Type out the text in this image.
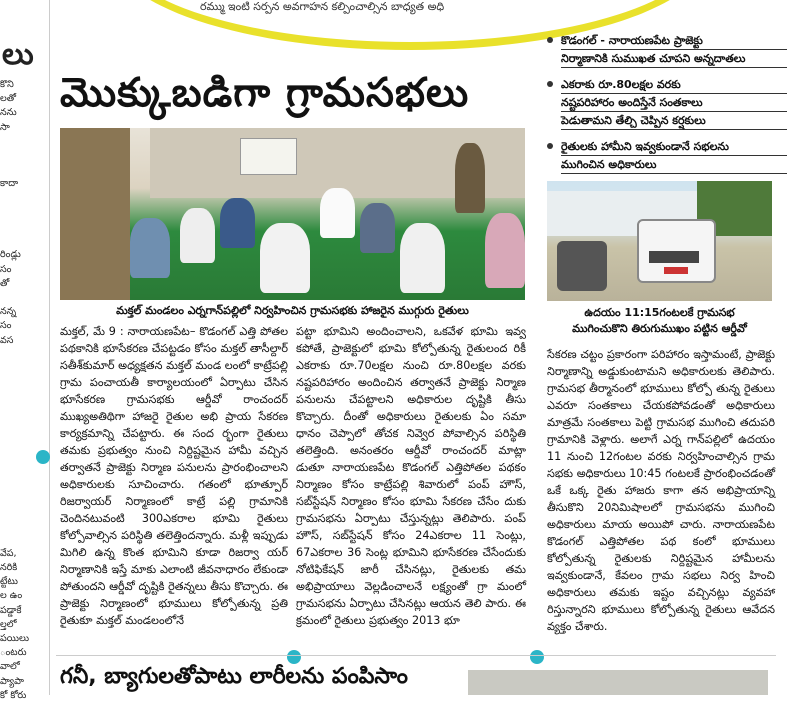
రమ్ము ఇంటి సర్పన అవగాహన కల్పించాల్సిన బాధ్యత అధి
లు

కొని

లతో

నను

సా

కాదా

రిండ్లు

సం

తో

నన్న

సం

వస

వేప,

నరికి

ట్టేటు

ల ఉం

పడ్డాకే

ల్తలో

పయిలు

ంటరు

వాలో

ప్యాపా

కో కోరు

మొక్కుబడిగా గ్రామసభలు
మక్తల్ మండలం ఎర్నగాన్‌పల్లిలో నిర్వహించిన గ్రామసభకు హాజరైన ముగ్గురు రైతులు

మక్తల్, మే 9 : నారాయణపేట– కొడంగల్ ఎత్తి పోతల పథకానికి భూసేకరణ చేపట్టడం కోసం మక్తల్ తాసీల్దార్ సతీశ్‌కుమార్ అధ్యక్షతన మక్తల్ మండ లంలో కాట్రేపల్లి గ్రామ పంచాయతీ కార్యాలయంలో ఏర్పాటు చేసిన భూసేకరణ గ్రామసభకు ఆర్డీవో రాంచందర్ ముఖ్యఅతిథిగా హాజరై రైతుల అభి ప్రాయ సేకరణ కార్యక్రమాన్ని చేపట్టారు. ఈ సంద ర్భంగా రైతులు తమకు ప్రభుత్వం నుంచి నిర్దిష్టమైన హామీ వచ్చిన తర్వాతనే ప్రాజెక్టు నిర్మాణ పనులను ప్రారంభించాలని అధికారులకు సూచించారు. గతంలో భూత్పూర్ రిజర్వాయర్ నిర్మాణంలో కాట్రే పల్లి గ్రామానికి చెందినటువంటి 300ఎకరాల భూమి రైతులు కోల్పోవాల్సిన పరిస్థితి తలెత్తిందన్నారు. మళ్లీ ఇప్పుడు మిగిలి ఉన్న కొంత భూమిని కూడా రిజర్వా యర్ నిర్మాణానికి ఇస్తే మాకు ఎలాంటి జీవనాధారం లేకుండా పోతుందని ఆర్డీవో దృష్టికి రైతన్నలు తీసు కొచ్చారు. ఈ ప్రాజెక్టు నిర్మాణంలో భూములు కోల్పోతున్న ప్రతి రైతుకూ మక్తల్ మండలంలోనే

పట్టా భూమిని అందించాలని, ఒకవేళ భూమి ఇవ్వ కపోతే, ప్రాజెక్టులో భూమి కోల్పోతున్న రైతులంద రికీ ఎకరాకు రూ.70లక్షల నుంచి రూ.80లక్షల వరకు నష్టపరిహారం అందించిన తర్వాతనే ప్రాజెక్టు నిర్మాణ పనులను చేపట్టాలని అధికారుల దృష్టికి తీసు కొచ్చారు. దీంతో అధికారులు రైతులకు ఏం సమా ధానం చెప్పాలో తోచక నివ్వెర పోవాల్సిన పరిస్థితి తలెత్తింది. అనంతరం ఆర్డీవో రాంచందర్ మాట్లా డుతూ నారాయణపేట కొడంగల్ ఎత్తిపోతల పథకం నిర్మాణం కోసం కాట్రేపల్లి శివారులో పంప్ హౌస్, సబ్‌స్టేషన్ నిర్మాణం కోసం భూమి సేకరణ చేసేం దుకు గ్రామసభను ఏర్పాటు చేస్తున్నట్లు తెలిపారు. పంప్ హౌస్, సబ్‌స్టేషన్ కోసం 24ఎకరాల 11 సెంట్లు, 67ఎకరాల 36 సెంట్ల భూమిని భూసేకరణ చేసేందుకు నోటిఫికేషన్ జారీ చేసినట్లు, రైతులకు తమ అభిప్రాయాలు వెల్లడించాలనే లక్ష్యంతో గ్రా మంలో గ్రామసభను ఏర్పాటు చేసినట్లు ఆయన తెలి పారు. ఈ క్రమంలో రైతులు ప్రభుత్వం 2013 భూ

కొడంగల్ - నారాయణపేట ప్రాజెక్టు
నిర్మాణానికి సుముఖత చూపని అన్నదాతలు
ఎకరాకు రూ.80లక్షల వరకు
నష్టపరిహారం అందిస్తేనే సంతకాలు
పెడుతామని తేల్చి చెప్పిన కర్షకులు
రైతులకు హామీని ఇవ్వకుండానే సభలను
ముగించిన అధికారులు
ఉదయం 11:15గంటలకే గ్రామసభ
ముగించుకొని తిరుగుముఖం పట్టిన ఆర్డీవో

సేకరణ చట్టం ప్రకారంగా పరిహారం ఇస్తామంటే, ప్రాజెక్టు నిర్మాణాన్ని అడ్డుకుంటామని అధికారులకు తెలిపారు. గ్రామసభ తీర్మానంలో భూములు కోల్పో తున్న రైతులు ఎవరూ సంతకాలు చేయకపోవడంతో అధికారులు మాత్రమే సంతకాలు పెట్టి గ్రామసభ ముగించి తదుపరి గ్రామానికి వెళ్లారు. అలాగే ఎర్న గాన్‌పల్లిలో ఉదయం 11 నుంచి 12గంటల వరకు నిర్వహించాల్సిన గ్రామ సభకు అధికారులు 10:45 గంటలకే ప్రారంభించడంతో ఒకే ఒక్క రైతు హాజరు కాగా తన అభిప్రాయాన్ని తీసుకొని 20నిమిషాలలో గ్రామసభను ముగించి అధికారులు మాయ అయిపో చారు. నారాయణపేట కొడంగల్ ఎత్తిపోతల పథ కంలో భూములు కోల్పోతున్న రైతులకు నిర్దిష్టమైన హామీలను ఇవ్వకుండానే, కేవలం గ్రామ సభలు నిర్వ హించి అధికారులు తమకు ఇష్టం వచ్చినట్లు వ్యవహా రిస్తున్నారని భూములు కోల్పోతున్న రైతులు ఆవేదన వ్యక్తం చేశారు.

గనీ, బ్యాగులతోపాటు లారీలను పంపిసాం
